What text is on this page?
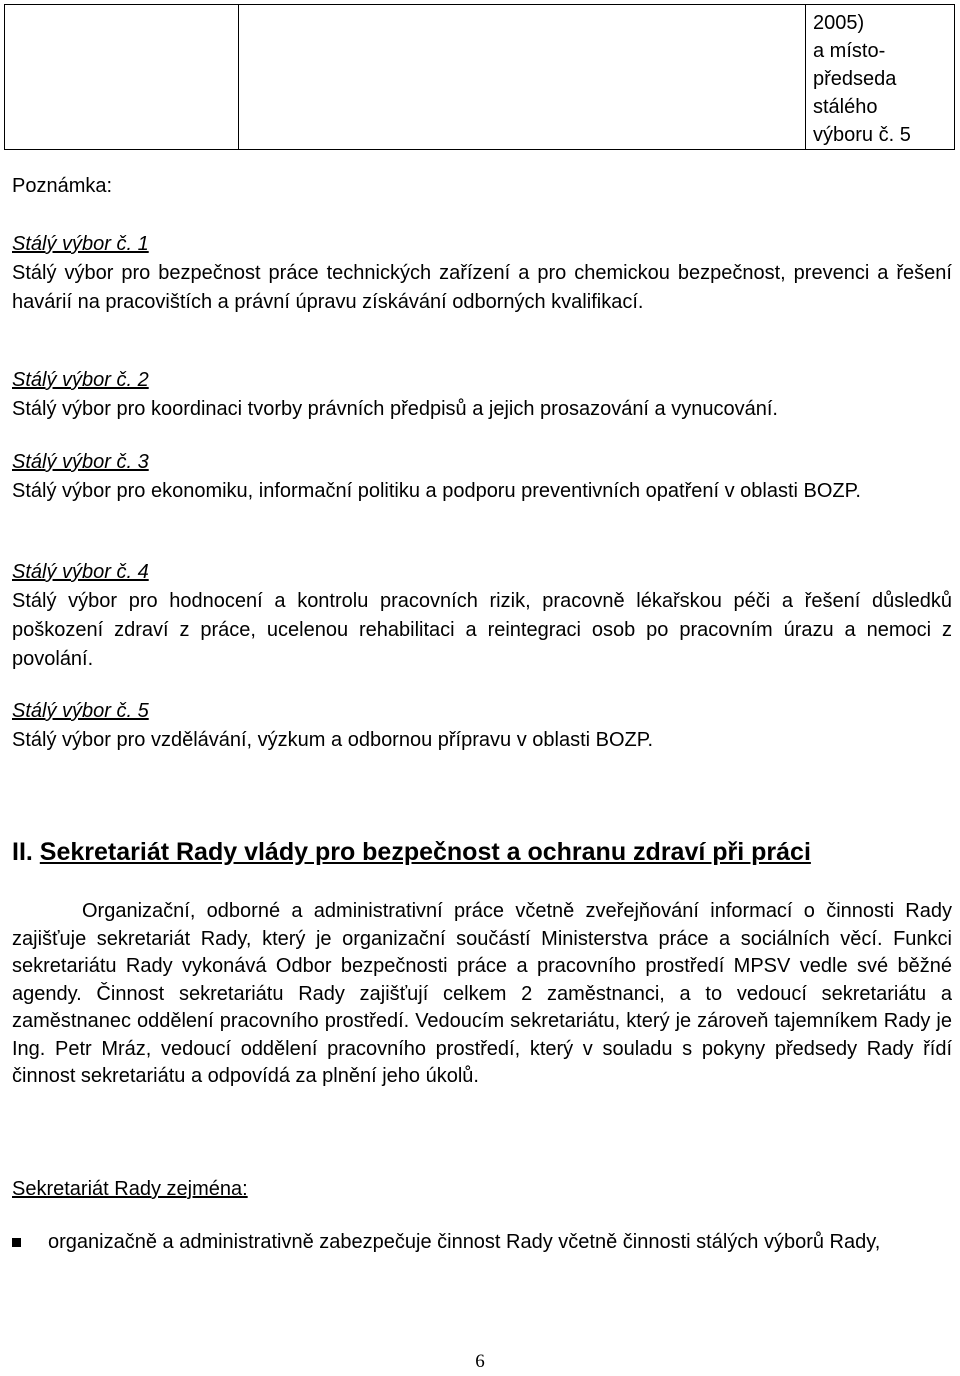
2005)
a místo-
předseda
stálého
výboru č. 5
Poznámka:
Stálý výbor č. 1
Stálý výbor pro bezpečnost práce technických zařízení a pro chemickou bezpečnost, prevenci a řešení havárií na pracovištích a právní úpravu získávání odborných kvalifikací.
Stálý výbor č. 2
Stálý výbor pro koordinaci tvorby právních předpisů a jejich prosazování a vynucování.
Stálý výbor č. 3
Stálý výbor pro ekonomiku, informační politiku a podporu preventivních opatření v oblasti BOZP.
Stálý výbor č. 4
Stálý výbor pro hodnocení a kontrolu pracovních rizik, pracovně lékařskou péči a řešení důsledků poškození zdraví z práce, ucelenou rehabilitaci a reintegraci osob po pracovním úrazu a nemoci z povolání.
Stálý výbor č. 5
Stálý výbor pro vzdělávání, výzkum a odbornou přípravu v oblasti BOZP.
II. Sekretariát Rady vlády pro bezpečnost a ochranu zdraví při práci
Organizační, odborné a administrativní práce včetně zveřejňování informací o činnosti Rady zajišťuje sekretariát Rady, který je organizační součástí Ministerstva práce a sociálních věcí. Funkci sekretariátu Rady vykonává Odbor bezpečnosti práce a pracovního prostředí MPSV vedle své běžné agendy. Činnost sekretariátu Rady zajišťují celkem 2 zaměstnanci, a to vedoucí sekretariátu a zaměstnanec oddělení pracovního prostředí. Vedoucím sekretariátu, který je zároveň tajemníkem Rady je Ing. Petr Mráz, vedoucí oddělení pracovního prostředí, který v souladu s pokyny předsedy Rady řídí činnost sekretariátu a odpovídá za plnění jeho úkolů.
Sekretariát Rady zejména:
organizačně a administrativně zabezpečuje činnost Rady včetně činnosti stálých výborů Rady,
6
